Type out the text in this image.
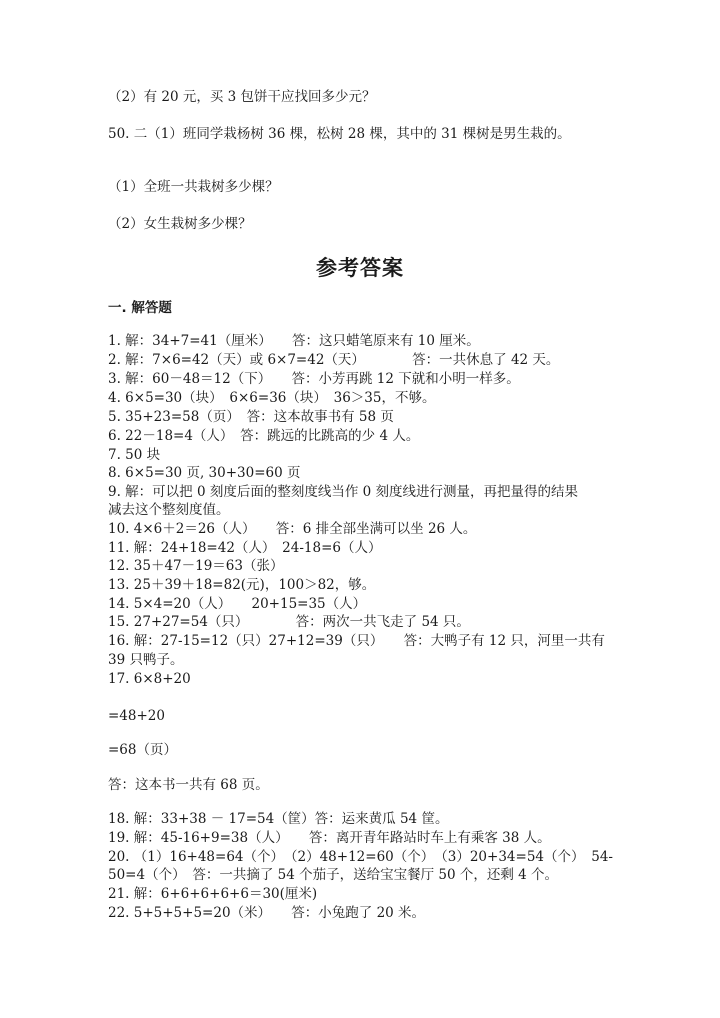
（2）有 20 元，买 3 包饼干应找回多少元？
50. 二（1）班同学栽杨树 36 棵，松树 28 棵，其中的 31 棵树是男生栽的。
（1）全班一共栽树多少棵？
（2）女生栽树多少棵？
参考答案
一. 解答题
1. 解：34+7=41（厘米）　　答：这只蜡笔原来有 10 厘米。
2. 解：7×6=42（天）或 6×7=42（天）　　　　答：一共休息了 42 天。
3. 解：60－48＝12（下）　　答：小芳再跳 12 下就和小明一样多。
4. 6×5=30（块）　6×6=36（块）　36＞35，不够。
5. 35+23=58（页）　答：这本故事书有 58 页
6. 22－18=4（人）　答：跳远的比跳高的少 4 人。
7. 50 块
8. 6×5=30 页, 30+30=60 页
9. 解：可以把 0 刻度后面的整刻度线当作 0 刻度线进行测量，再把量得的结果
减去这个整刻度值。
10. 4×6＋2＝26（人）　　答：6 排全部坐满可以坐 26 人。
11. 解：24+18=42（人）　24-18=6（人）
12. 35＋47－19＝63（张）
13. 25＋39＋18=82(元)，100＞82，够。
14. 5×4=20（人）　　20+15=35（人）
15. 27+27=54（只）　　　　答：两次一共飞走了 54 只。
16. 解：27-15=12（只）27+12=39（只）　　答：大鸭子有 12 只，河里一共有
39 只鸭子。
17. 6×8+20
=48+20
=68（页）
答：这本书一共有 68 页。
18. 解：33+38 － 17=54（筐）答：运来黄瓜 54 筐。
19. 解：45-16+9=38（人）　　答：离开青年路站时车上有乘客 38 人。
20. （1）16+48=64（个）　（2）48+12=60（个）　（3）20+34=54（个）　54-
50=4（个）　答：一共摘了 54 个茄子，送给宝宝餐厅 50 个，还剩 4 个。
21. 解：6+6+6+6+6＝30(厘米)
22. 5+5+5+5=20（米）　　答：小兔跑了 20 米。
